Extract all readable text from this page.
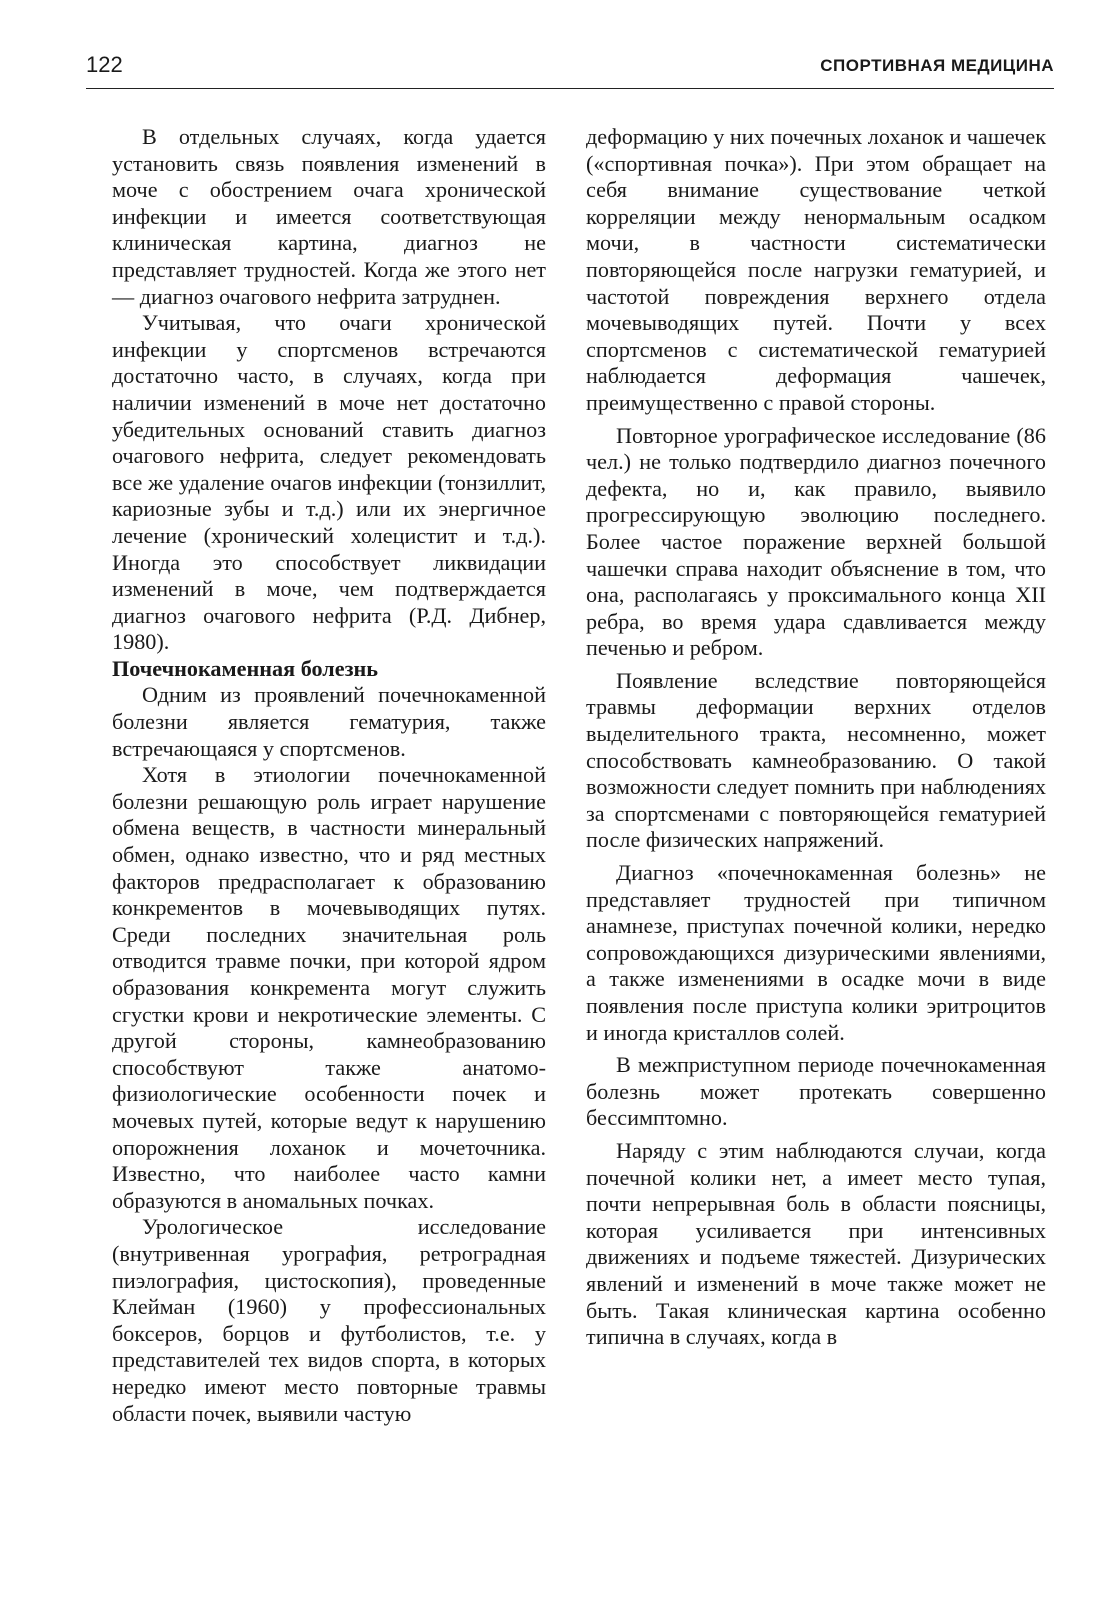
122	СПОРТИВНАЯ МЕДИЦИНА

В отдельных случаях, когда удается установить связь появления изменений в моче с обострением очага хронической инфекции и имеется соответствующая клиническая картина, диагноз не представляет трудностей. Когда же этого нет — диагноз очагового нефрита затруднен.

Учитывая, что очаги хронической инфекции у спортсменов встречаются достаточно часто, в случаях, когда при наличии изменений в моче нет достаточно убедительных оснований ставить диагноз очагового нефрита, следует рекомендовать все же удаление очагов инфекции (тонзиллит, кариозные зубы и т.д.) или их энергичное лечение (хронический холецистит и т.д.). Иногда это способствует ликвидации изменений в моче, чем подтверждается диагноз очагового нефрита (Р.Д. Дибнер, 1980).

Почечнокаменная болезнь

Одним из проявлений почечнокаменной болезни является гематурия, также встречающаяся у спортсменов.

Хотя в этиологии почечнокаменной болезни решающую роль играет нарушение обмена веществ, в частности минеральный обмен, однако известно, что и ряд местных факторов предрасполагает к образованию конкрементов в мочевыводящих путях. Среди последних значительная роль отводится травме почки, при которой ядром образования конкремента могут служить сгустки крови и некротические элементы. С другой стороны, камнеобразованию способствуют также анатомо-физиологические особенности почек и мочевых путей, которые ведут к нарушению опорожнения лоханок и мочеточника. Известно, что наиболее часто камни образуются в аномальных почках.

Урологическое исследование (внутривенная урография, ретроградная пиэлография, цистоскопия), проведенные Клейман (1960) у профессиональных боксеров, борцов и футболистов, т.е. у представителей тех видов спорта, в которых нередко имеют место повторные травмы области почек, выявили частую

деформацию у них почечных лоханок и чашечек («спортивная почка»). При этом обращает на себя внимание существование четкой корреляции между ненормальным осадком мочи, в частности систематически повторяющейся после нагрузки гематурией, и частотой повреждения верхнего отдела мочевыводящих путей. Почти у всех спортсменов с систематической гематурией наблюдается деформация чашечек, преимущественно с правой стороны.

Повторное урографическое исследование (86 чел.) не только подтвердило диагноз почечного дефекта, но и, как правило, выявило прогрессирующую эволюцию последнего. Более частое поражение верхней большой чашечки справа находит объяснение в том, что она, располагаясь у проксимального конца XII ребра, во время удара сдавливается между печенью и ребром.

Появление вследствие повторяющейся травмы деформации верхних отделов выделительного тракта, несомненно, может способствовать камнеобразованию. О такой возможности следует помнить при наблюдениях за спортсменами с повторяющейся гематурией после физических напряжений.

Диагноз «почечнокаменная болезнь» не представляет трудностей при типичном анамнезе, приступах почечной колики, нередко сопровождающихся дизурическими явлениями, а также изменениями в осадке мочи в виде появления после приступа колики эритроцитов и иногда кристаллов солей.

В межприступном периоде почечнокаменная болезнь может протекать совершенно бессимптомно.

Наряду с этим наблюдаются случаи, когда почечной колики нет, а имеет место тупая, почти непрерывная боль в области поясницы, которая усиливается при интенсивных движениях и подъеме тяжестей. Дизурических явлений и изменений в моче также может не быть. Такая клиническая картина особенно типична в случаях, когда в
